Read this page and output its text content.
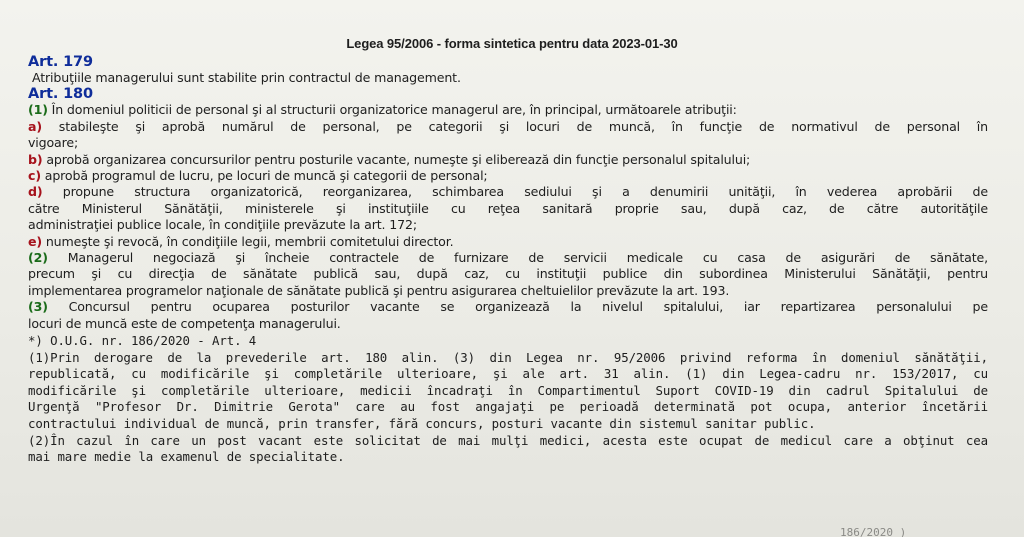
Legea 95/2006 - forma sintetica pentru data 2023-01-30
Art. 179
Atribuţiile managerului sunt stabilite prin contractul de management.
Art. 180
(1) În domeniul politicii de personal şi al structurii organizatorice managerul are, în principal, următoarele atribuţii:
a) stabileşte şi aprobă numărul de personal, pe categorii şi locuri de muncă, în funcţie de normativul de personal în
vigoare;
b) aprobă organizarea concursurilor pentru posturile vacante, numeşte şi eliberează din funcţie personalul spitalului;
c) aprobă programul de lucru, pe locuri de muncă şi categorii de personal;
d) propune structura organizatorică, reorganizarea, schimbarea sediului şi a denumirii unităţii, în vederea aprobării de
către Ministerul Sănătăţii, ministerele şi instituţiile cu reţea sanitară proprie sau, după caz, de către autorităţile
administraţiei publice locale, în condiţiile prevăzute la art. 172;
e) numeşte şi revocă, în condiţiile legii, membrii comitetului director.
(2) Managerul negociază şi încheie contractele de furnizare de servicii medicale cu casa de asigurări de sănătate,
precum şi cu direcţia de sănătate publică sau, după caz, cu instituţii publice din subordinea Ministerului Sănătăţii, pentru
implementarea programelor naţionale de sănătate publică şi pentru asigurarea cheltuielilor prevăzute la art. 193.
(3) Concursul pentru ocuparea posturilor vacante se organizează la nivelul spitalului, iar repartizarea personalului pe
locuri de muncă este de competenţa managerului.
*) O.U.G. nr. 186/2020 - Art. 4
(1)Prin derogare de la prevederile art. 180 alin. (3) din Legea nr. 95/2006 privind reforma în domeniul sănătăţii,
republicată, cu modificările şi completările ulterioare, şi ale art. 31 alin. (1) din Legea-cadru nr. 153/2017, cu
modificările şi completările ulterioare, medicii încadraţi în Compartimentul Suport COVID-19 din cadrul Spitalului de
Urgenţă "Profesor Dr. Dimitrie Gerota" care au fost angajaţi pe perioadă determinată pot ocupa, anterior încetării
contractului individual de muncă, prin transfer, fără concurs, posturi vacante din sistemul sanitar public.
(2)În cazul în care un post vacant este solicitat de mai mulţi medici, acesta este ocupat de medicul care a obţinut cea
mai mare medie la examenul de specialitate.
186/2020 )
